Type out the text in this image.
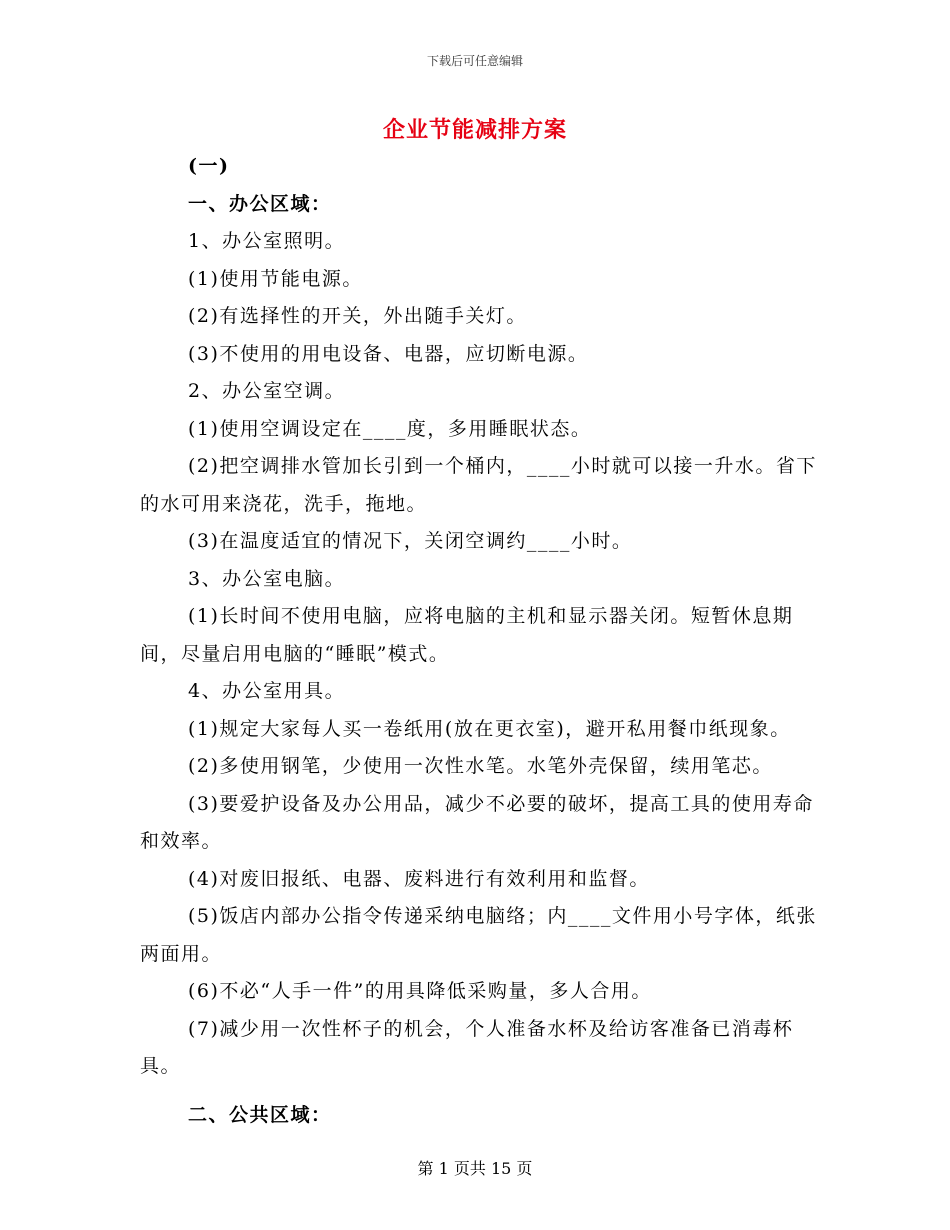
下载后可任意编辑
企业节能减排方案

(一)

一、办公区域：

1、办公室照明。

(1)使用节能电源。

(2)有选择性的开关，外出随手关灯。

(3)不使用的用电设备、电器，应切断电源。

2、办公室空调。

(1)使用空调设定在____度，多用睡眠状态。

(2)把空调排水管加长引到一个桶内，____小时就可以接一升水。省下的水可用来浇花，洗手，拖地。

(3)在温度适宜的情况下，关闭空调约____小时。

3、办公室电脑。

(1)长时间不使用电脑，应将电脑的主机和显示器关闭。短暂休息期间，尽量启用电脑的“睡眠”模式。

4、办公室用具。

(1)规定大家每人买一卷纸用(放在更衣室)，避开私用餐巾纸现象。

(2)多使用钢笔，少使用一次性水笔。水笔外壳保留，续用笔芯。

(3)要爱护设备及办公用品，减少不必要的破坏，提高工具的使用寿命和效率。

(4)对废旧报纸、电器、废料进行有效利用和监督。

(5)饭店内部办公指令传递采纳电脑络；内____文件用小号字体，纸张两面用。

(6)不必“人手一件”的用具降低采购量，多人合用。

(7)减少用一次性杯子的机会，个人准备水杯及给访客准备已消毒杯具。

二、公共区域：

第 1 页共 15 页
